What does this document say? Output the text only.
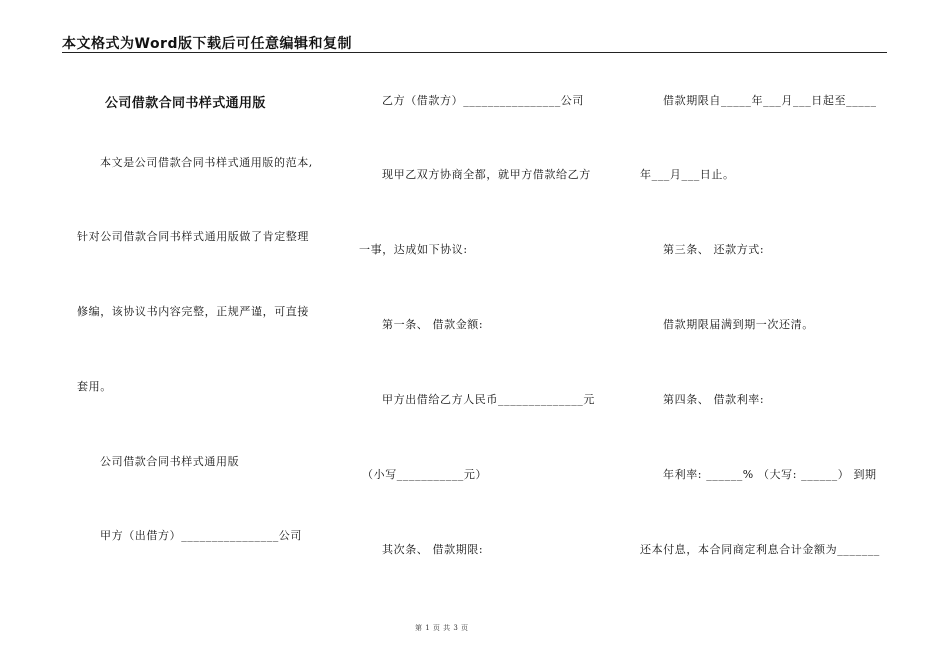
本文格式为Word版下载后可任意编辑和复制
公司借款合同书样式通用版
本文是公司借款合同书样式通用版的范本,
针对公司借款合同书样式通用版做了肯定整理
修编，该协议书内容完整，正规严谨，可直接
套用。
公司借款合同书样式通用版
甲方（出借方）________________公司
乙方（借款方）________________公司
现甲乙双方协商全都，就甲方借款给乙方
一事，达成如下协议:
第一条、 借款金额:
甲方出借给乙方人民币______________元
（小写___________元）
其次条、 借款期限:
借款期限自_____年___月___日起至_____
年___月___日止。
第三条、 还款方式:
借款期限届满到期一次还清。
第四条、 借款利率:
年利率: ______% （大写: ______） 到期
还本付息，本合同商定利息合计金额为_______
第 1 页 共 3 页
